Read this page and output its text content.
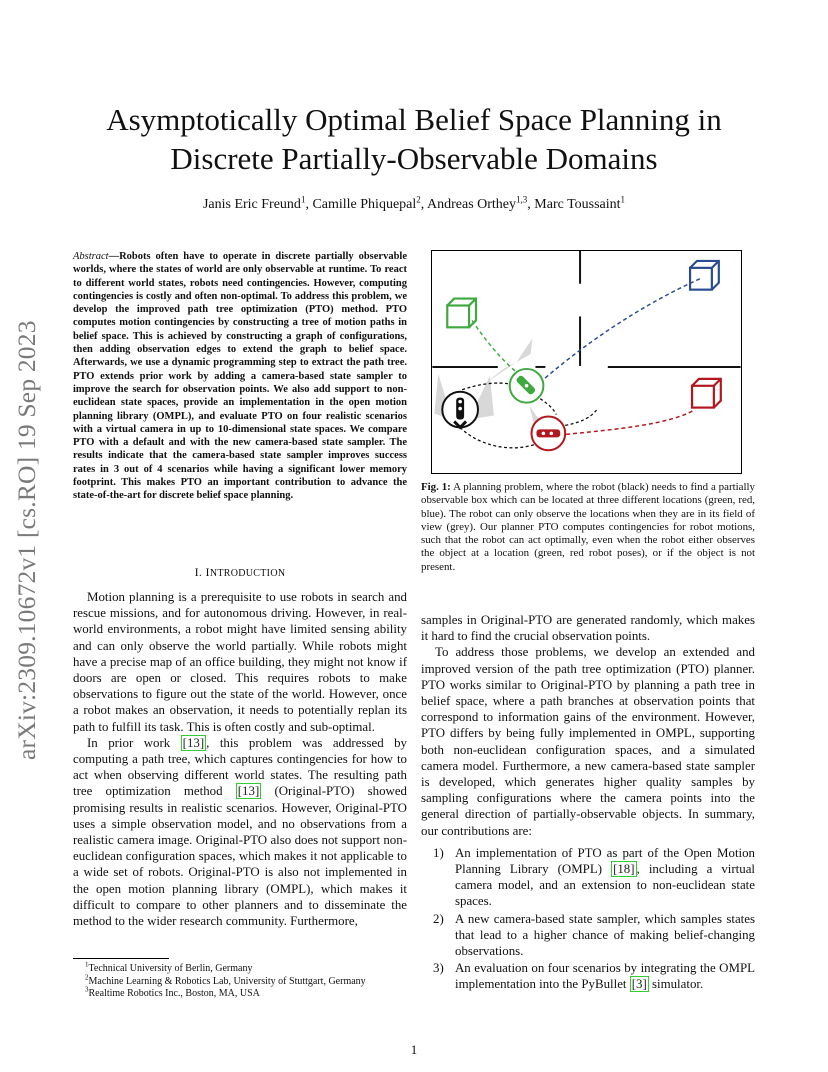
arXiv:2309.10672v1 [cs.RO] 19 Sep 2023
Asymptotically Optimal Belief Space Planning in
Discrete Partially-Observable Domains
Janis Eric Freund$^1$, Camille Phiquepal$^2$, Andreas Orthey$^{1,3}$, Marc Toussaint$^1$

Abstract—Robots often have to operate in discrete partially observable worlds, where the states of world are only observable at runtime. To react to different world states, robots need contingencies. However, computing contingencies is costly and often non-optimal. To address this problem, we develop the improved path tree optimization (PTO) method. PTO computes motion contingencies by constructing a tree of motion paths in belief space. This is achieved by constructing a graph of configurations, then adding observation edges to extend the graph to belief space. Afterwards, we use a dynamic programming step to extract the path tree. PTO extends prior work by adding a camera-based state sampler to improve the search for observation points. We also add support to non-euclidean state spaces, provide an implementation in the open motion planning library (OMPL), and evaluate PTO on four realistic scenarios with a virtual camera in up to 10-dimensional state spaces. We compare PTO with a default and with the new camera-based state sampler. The results indicate that the camera-based state sampler improves success rates in 3 out of 4 scenarios while having a significant lower memory footprint. This makes PTO an important contribution to advance the state-of-the-art for discrete belief space planning.

I. INTRODUCTION

Motion planning is a prerequisite to use robots in search and rescue missions, and for autonomous driving. However, in real-world environments, a robot might have limited sensing ability and can only observe the world partially. While robots might have a precise map of an office building, they might not know if doors are open or closed. This requires robots to make observations to figure out the state of the world. However, once a robot makes an observation, it needs to potentially replan its path to fulfill its task. This is often costly and sub-optimal.

In prior work [13] , this problem was addressed by computing a path tree, which captures contingencies for how to act when observing different world states. The resulting path tree optimization method [13] (Original-PTO) showed promising results in realistic scenarios. However, Original-PTO uses a simple observation model, and no observations from a realistic camera image. Original-PTO also does not support non-euclidean configuration spaces, which makes it not applicable to a wide set of robots. Original-PTO is also not implemented in the open motion planning library (OMPL), which makes it difficult to compare to other planners and to disseminate the method to the wider research community. Furthermore,

Fig. 1: A planning problem, where the robot (black) needs to find a partially observable box which can be located at three different locations (green, red, blue). The robot can only observe the locations when they are in its field of view (grey). Our planner PTO computes contingencies for robot motions, such that the robot can act optimally, even when the robot either observes the object at a location (green, red robot poses), or if the object is not present.

samples in Original-PTO are generated randomly, which makes it hard to find the crucial observation points.

To address those problems, we develop an extended and improved version of the path tree optimization (PTO) planner. PTO works similar to Original-PTO by planning a path tree in belief space, where a path branches at observation points that correspond to information gains of the environment. However, PTO differs by being fully implemented in OMPL, supporting both non-euclidean configuration spaces, and a simulated camera model. Furthermore, a new camera-based state sampler is developed, which generates higher quality samples by sampling configurations where the camera points into the general direction of partially-observable objects. In summary, our contributions are:

1) An implementation of PTO as part of the Open Motion Planning Library (OMPL) [18] , including a virtual camera model, and an extension to non-euclidean state spaces.
2) A new camera-based state sampler, which samples states that lead to a higher chance of making belief-changing observations.
3) An evaluation on four scenarios by integrating the OMPL implementation into the PyBullet [3] simulator.
$^1$Technical University of Berlin, Germany
$^2$Machine Learning & Robotics Lab, University of Stuttgart, Germany
$^3$Realtime Robotics Inc., Boston, MA, USA
1
